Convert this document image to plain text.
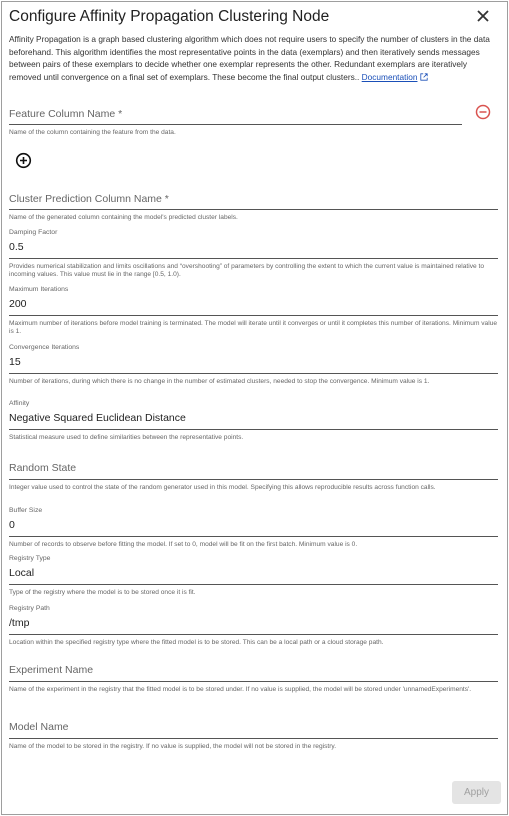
Configure Affinity Propagation Clustering Node
Affinity Propagation is a graph based clustering algorithm which does not require users to specify the number of clusters in the data beforehand. This algorithm identifies the most representative points in the data (exemplars) and then iteratively sends messages between pairs of these exemplars to decide whether one exemplar represents the other. Redundant exemplars are iteratively removed until convergence on a final set of exemplars. These become the final output clusters.. Documentation
Feature Column Name *
Name of the column containing the feature from the data.
Cluster Prediction Column Name *
Name of the generated column containing the model's predicted cluster labels.
Damping Factor
0.5
Provides numerical stabilization and limits oscillations and “overshooting” of parameters by controlling the extent to which the current value is maintained relative to incoming values. This value must lie in the range [0.5, 1.0).
Maximum Iterations
200
Maximum number of iterations before model training is terminated. The model will iterate until it converges or until it completes this number of iterations. Minimum value is 1.
Convergence Iterations
15
Number of iterations, during which there is no change in the number of estimated clusters, needed to stop the convergence. Minimum value is 1.
Affinity
Negative Squared Euclidean Distance
Statistical measure used to define similarities between the representative points.
Random State
Integer value used to control the state of the random generator used in this model. Specifying this allows reproducible results across function calls.
Buffer Size
0
Number of records to observe before fitting the model. If set to 0, model will be fit on the first batch. Minimum value is 0.
Registry Type
Local
Type of the registry where the model is to be stored once it is fit.
Registry Path
/tmp
Location within the specified registry type where the fitted model is to be stored. This can be a local path or a cloud storage path.
Experiment Name
Name of the experiment in the registry that the fitted model is to be stored under. If no value is supplied, the model will be stored under 'unnamedExperiments'.
Model Name
Name of the model to be stored in the registry. If no value is supplied, the model will not be stored in the registry.
Apply
